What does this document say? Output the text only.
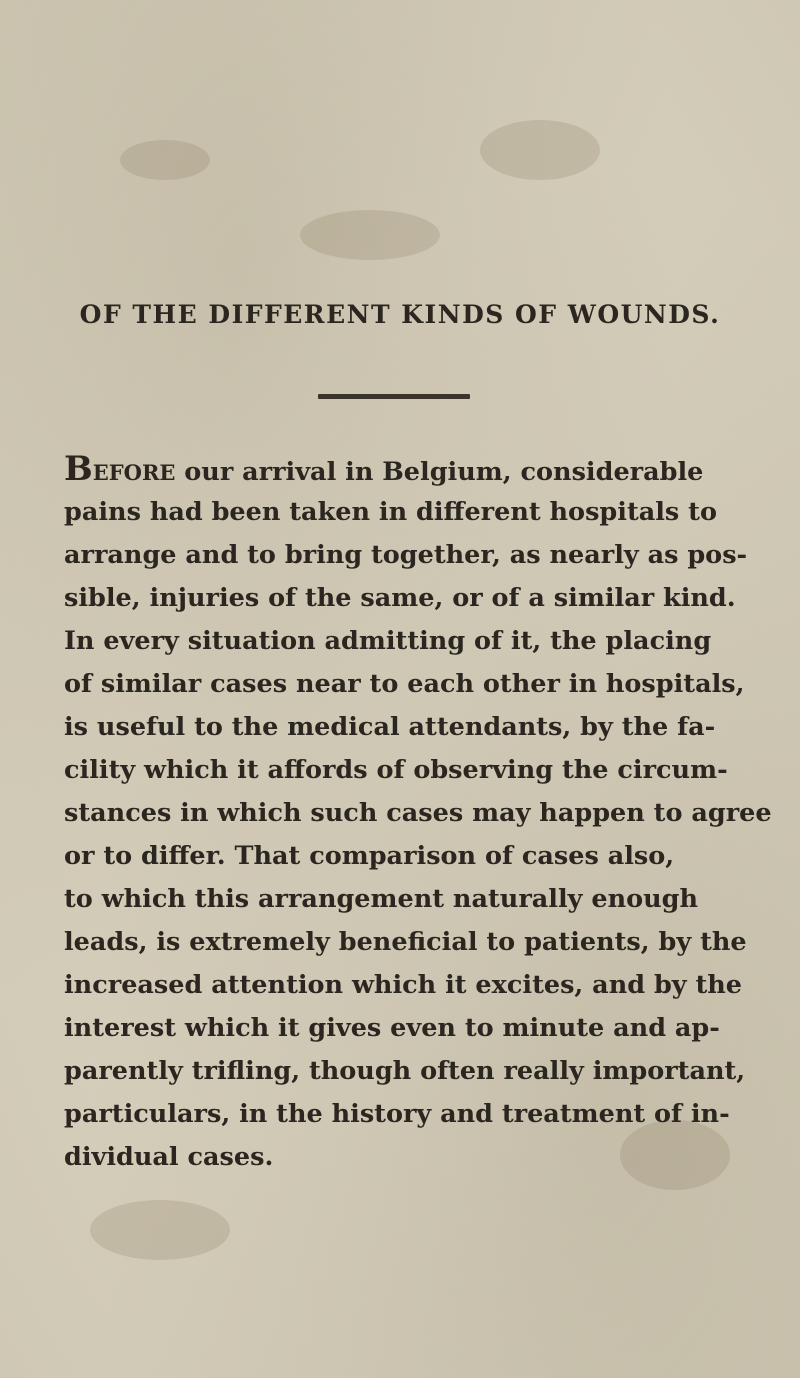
OF THE DIFFERENT KINDS OF WOUNDS.
BEFORE our arrival in Belgium, considerable
pains had been taken in different hospitals to
arrange and to bring together, as nearly as pos-
sible, injuries of the same, or of a similar kind.
In every situation admitting of it, the placing
of similar cases near to each other in hospitals,
is useful to the medical attendants, by the fa-
cility which it affords of observing the circum-
stances in which such cases may happen to agree
or to differ. That comparison of cases also,
to which this arrangement naturally enough
leads, is extremely beneficial to patients, by the
increased attention which it excites, and by the
interest which it gives even to minute and ap-
parently trifling, though often really important,
particulars, in the history and treatment of in-
dividual cases.
